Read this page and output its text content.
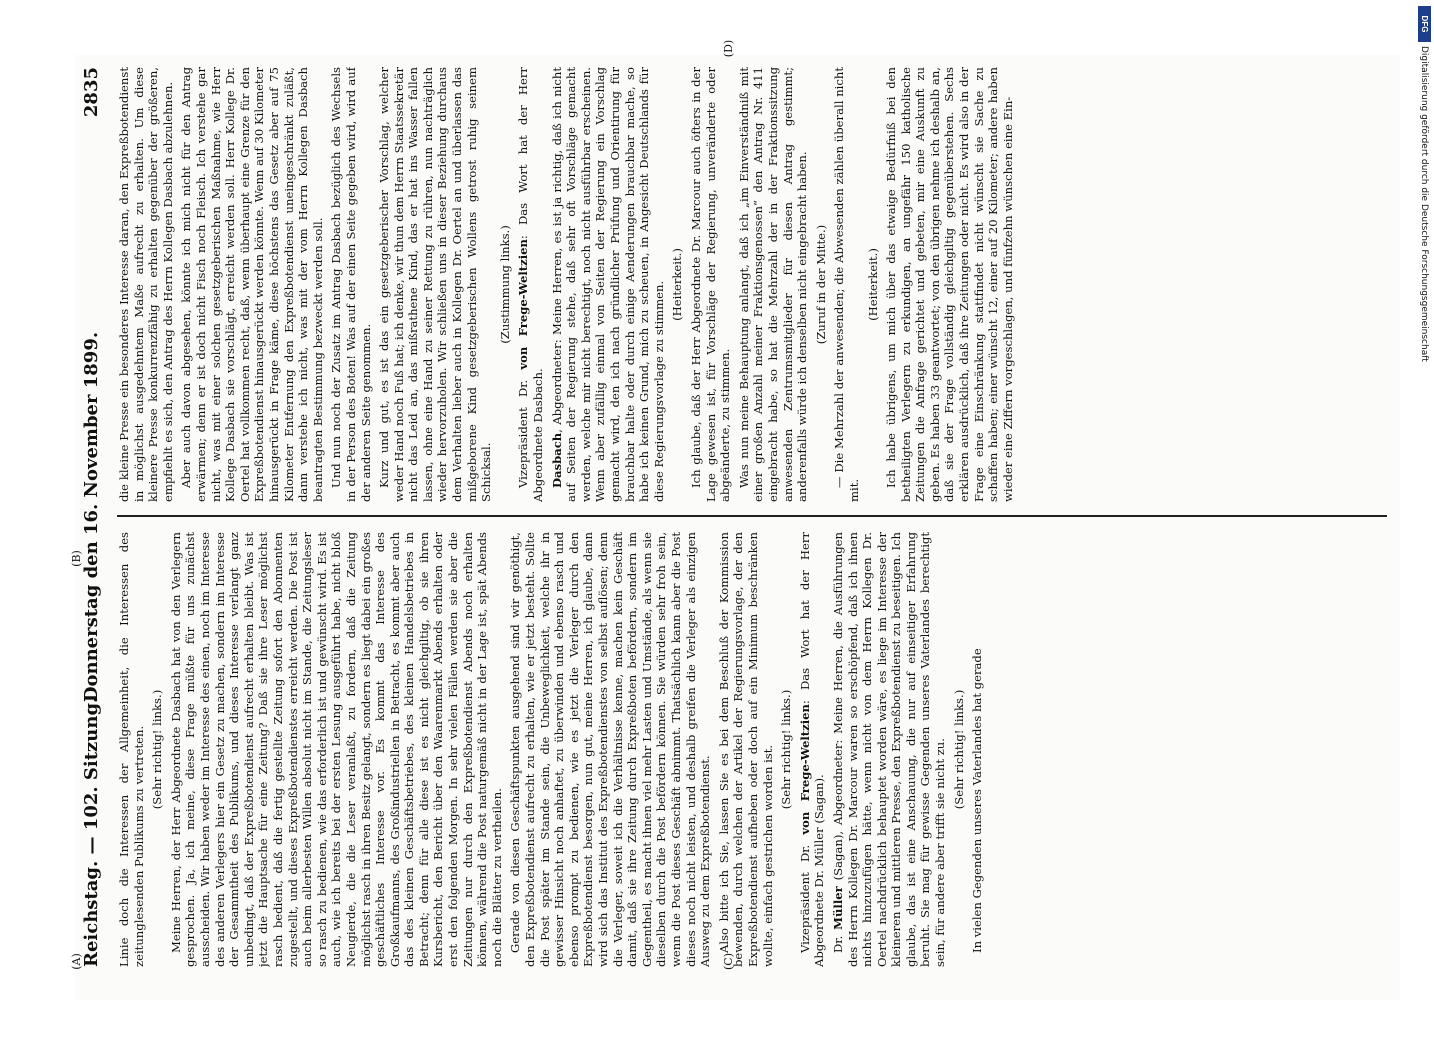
Reichstag. — 102. Sitzung.
Donnerstag den 16. November 1899.
2835

Linie doch die Interessen der Allgemeinheit, die Interessen des zeitunglesenden Publikums zu vertreten. (Sehr richtig! links.) Meine Herren, der Herr Abgeordnete Dasbach hat von den Verlegern gesprochen. Ja, ich meine, diese Frage müßte für uns zunächst ausscheiden. Wir haben weder im Interesse des einen, noch im Interesse des anderen Verlegers hier ein Gesetz zu machen, sondern im Interesse der Gesammtheit des Publikums, und dieses Interesse verlangt ganz unbedingt, daß der Expreßbotendienst aufrecht erhalten bleibt. Was ist jetzt die Hauptsache für eine Zeitung? Daß sie ihre Leser möglichst rasch bedient, daß die fertig gestellte Zeitung sofort den Abonnenten zugestellt, und dieses Expreßbotendienstes erreicht werden. Die Post ist auch beim allerbesten Willen absolut nicht im Stande, die Zeitungsleser so rasch zu bedienen, wie das erforderlich ist und gewünscht wird. Es ist auch, wie ich bereits bei der ersten Lesung ausgeführt habe, nicht bloß Neugierde, die die Leser veranlaßt, zu fordern, daß die Zeitung möglichst rasch in ihren Besitz gelangt, sondern es liegt dabei ein großes geschäftliches Interesse vor. Es kommt das Interesse des Großkaufmanns, des Großindustriellen in Betracht, es kommt aber auch das des kleinen Geschäftsbetriebes, des kleinen Handelsbetriebes in Betracht; denn für alle diese ist es nicht gleichgiltig, ob sie ihren Kursbericht, den Bericht über den Waarenmarkt Abends erhalten oder erst den folgenden Morgen. In sehr vielen Fällen werden sie aber die Zeitungen nur durch den Expreßbotendienst Abends noch erhalten können, während die Post naturgemäß nicht in der Lage ist, spät Abends noch die Blätter zu vertheilen. Gerade von diesen Geschäftspunkten ausgehend sind wir genöthigt, den Expreßbotendienst aufrecht zu erhalten, wie er jetzt besteht. Sollte die Post später im Stande sein, die Unbeweglichkeit, welche ihr in gewisser Hinsicht noch anhaftet, zu überwinden und ebenso rasch und ebenso prompt zu bedienen, wie es jetzt die Verleger durch den Expreßbotendienst besorgen, nun gut, meine Herren, ich glaube, dann wird sich das Institut des Expreßbotendienstes von selbst auflösen; denn die Verleger, soweit ich die Verhältnisse kenne, machen kein Geschäft damit, daß sie ihre Zeitung durch Expreßboten befördern, sondern im Gegentheil, es macht ihnen viel mehr Lasten und Umstände, als wenn sie dieselben durch die Post befördern können. Sie würden sehr froh sein, wenn die Post dieses Geschäft abnimmt. Thatsächlich kann aber die Post dieses noch nicht leisten, und deshalb greifen die Verleger als einzigen Ausweg zu dem Expreßbotendienst. Also bitte ich Sie, lassen Sie es bei dem Beschluß der Kommission bewenden, durch welchen der Artikel der Regierungsvorlage, der den Expreßbotendienst aufheben oder doch auf ein Minimum beschränken wollte, einfach gestrichen worden ist. (Sehr richtig! links.)

Vizepräsident Dr. von Frege-Weltzien: Das Wort hat der Herr Abgeordnete Dr. Müller (Sagan). Dr. Müller (Sagan), Abgeordneter: Meine Herren, die Ausführungen des Herrn Kollegen Dr. Marcour waren so erschöpfend, daß ich ihnen nichts hinzuzufügen hätte, wenn nicht von dem Herrn Kollegen Dr. Oertel nachdrücklich behauptet worden wäre, es liege im Interesse der kleineren und mittleren Presse, den Expreßbotendienst zu beseitigen. Ich glaube, das ist eine Anschauung, die nur auf einseitiger Erfahrung beruht. Sie mag für gewisse Gegenden unseres Vaterlandes berechtigt sein, für andere aber trifft sie nicht zu. (Sehr richtig! links.) In vielen Gegenden unseres Vaterlandes hat gerade

die kleine Presse ein besonderes Interesse daran, den Expreßbotendienst in möglichst ausgedehntem Maße aufrecht zu erhalten. Um diese kleinere Presse konkurrenzfähig zu erhalten gegenüber der größeren, empfiehlt es sich, den Antrag des Herrn Kollegen Dasbach abzulehnen. Aber auch davon abgesehen, könnte ich mich nicht für den Antrag erwärmen; denn er ist doch nicht Fisch noch Fleisch. Ich verstehe gar nicht, was mit einer solchen gesetzgeberischen Maßnahme, wie Herr Kollege Dasbach sie vorschlägt, erreicht werden soll. Herr Kollege Dr. Oertel hat vollkommen recht, daß, wenn überhaupt eine Grenze für den Expreßbotendienst hinausgerückt werden könnte. Wenn auf 30 Kilometer hinausgerückt in Frage käme, diese höchstens das Gesetz aber auf 75 Kilometer Entfernung den Expreßbotendienst uneingeschränkt zuläßt, dann verstehe ich nicht, was mit der vom Herrn Kollegen Dasbach beantragten Bestimmung bezweckt werden soll. Und nun noch der Zusatz im Antrag Dasbach bezüglich des Wechsels in der Person des Boten! Was auf der einen Seite gegeben wird, wird auf der anderen Seite genommen. Kurz und gut, es ist das ein gesetzgeberischer Vorschlag, welcher weder Hand noch Fuß hat; ich denke, wir thun dem Herrn Staatssekretär nicht das Leid an, das mißrathene Kind, das er hat ins Wasser fallen lassen, ohne eine Hand zu seiner Rettung zu rühren, nun nachträglich wieder hervorzuholen. Wir schließen uns in dieser Beziehung durchaus dem Verhalten lieber auch in Kollegen Dr. Oertel an und überlassen das mißgeborene Kind gesetzgeberischen Wollens getrost ruhig seinem Schicksal.

(Zustimmung links.)

Vizepräsident Dr. von Frege-Weltzien: Das Wort hat der Herr Abgeordnete Dasbach. Dasbach, Abgeordneter: Meine Herren, es ist ja richtig, daß ich nicht auf Seiten der Regierung stehe, daß sehr oft Vorschläge gemacht werden, welche mir nicht berechtigt, noch nicht ausführbar erscheinen. Wenn aber zufällig einmal von Seiten der Regierung ein Vorschlag gemacht wird, den ich nach gründlicher Prüfung und Orientirung für brauchbar halte oder durch einige Aenderungen brauchbar mache, so habe ich keinen Grund, mich zu scheuen, in Angesicht Deutschlands für diese Regierungsvorlage zu stimmen. (Heiterkeit.) Ich glaube, daß der Herr Abgeordnete Dr. Marcour auch öfters in der Lage gewesen ist, für Vorschläge der Regierung, unveränderte oder abgeänderte, zu stimmen. Was nun meine Behauptung anlangt, daß ich „im Einverständniß mit einer großen Anzahl meiner Fraktionsgenossen“ den Antrag Nr. 411 eingebracht habe, so hat die Mehrzahl der in der Fraktionssitzung anwesenden Zentrumsmitglieder für diesen Antrag gestimmt; anderenfalls würde ich denselben nicht eingebracht haben. (Zuruf in der Mitte.) — Die Mehrzahl der anwesenden; die Abwesenden zählen überall nicht mit.

(Heiterkeit.) Ich habe übrigens, um mich über das etwaige Bedürfniß bei den betheiligten Verlegern zu erkundigen, an ungefähr 150 katholische Zeitungen die Anfrage gerichtet und gebeten, mir eine Auskunft zu geben. Es haben 33 geantwortet; von den übrigen nehme ich deshalb an, daß sie der Frage vollständig gleichgiltig gegenüberstehen. Sechs erklären ausdrücklich, daß ihre Zeitungen oder nicht. Es wird also in der Frage eine Einschränkung stattfindet nicht wünscht sie Sache zu schaffen haben; einer wünscht 12, einer auf 20 Kilometer; andere haben wieder eine Ziffern vorgeschlagen, und fünfzehn wünschen eine Ein-

(A)
(B)
(C)
(D)
DFG
Digitalisierung gefördert durch die Deutsche Forschungsgemeinschaft
